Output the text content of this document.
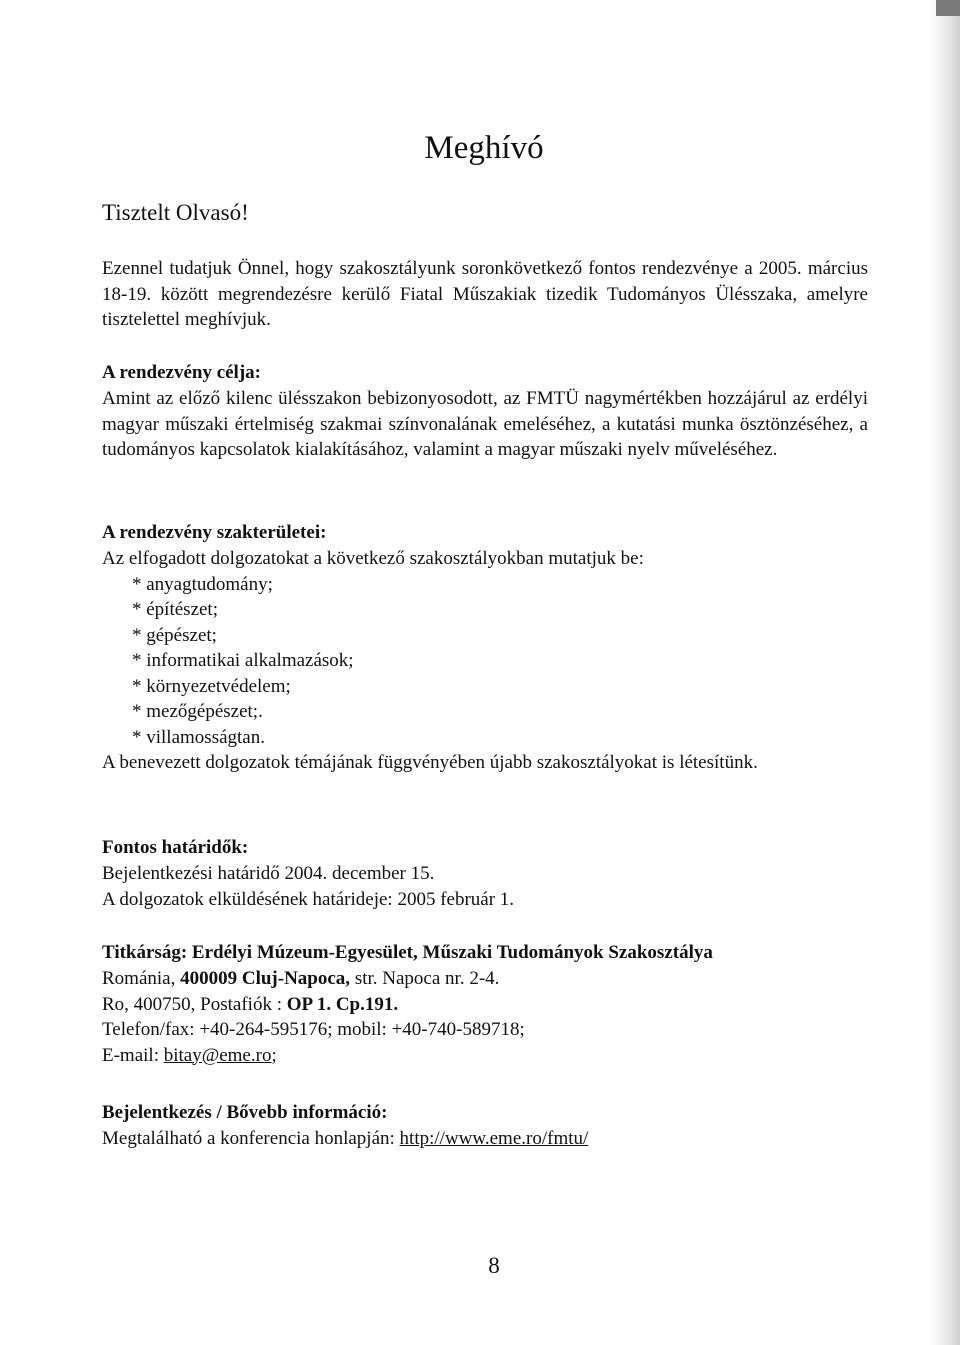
Meghívó
Tisztelt Olvasó!

Ezennel tudatjuk Önnel, hogy szakosztályunk soronkövetkező fontos rendezvénye a 2005. március 18-19. között megrendezésre kerülő Fiatal Műszakiak tizedik Tudományos Ülésszaka, amelyre tisztelettel meghívjuk.

A rendezvény célja:

Amint az előző kilenc ülésszakon bebizonyosodott, az FMTÜ nagymértékben hozzájárul az erdélyi magyar műszaki értelmiség szakmai színvonalának emeléséhez, a kutatási munka ösztönzéséhez, a tudományos kapcsolatok kialakításához, valamint a magyar műszaki nyelv műveléséhez.

A rendezvény szakterületei:

Az elfogadott dolgozatokat a következő szakosztályokban mutatjuk be:

* anyagtudomány;
* építészet;
* gépészet;
* informatikai alkalmazások;
* környezetvédelem;
* mezőgépészet;.
* villamosságtan.

A benevezett dolgozatok témájának függvényében újabb szakosztályokat is létesítünk.

Fontos határidők:

Bejelentkezési határidő 2004. december 15.

A dolgozatok elküldésének határideje: 2005 február 1.

Titkárság: Erdélyi Múzeum-Egyesület, Műszaki Tudományok Szakosztálya

Románia, 400009 Cluj-Napoca, str. Napoca nr. 2-4.

Ro, 400750, Postafiók : OP 1. Cp.191.

Telefon/fax: +40-264-595176; mobil: +40-740-589718;

E-mail: bitay@eme.ro;

Bejelentkezés / Bővebb információ:

Megtalálható a konferencia honlapján: http://www.eme.ro/fmtu/

8
